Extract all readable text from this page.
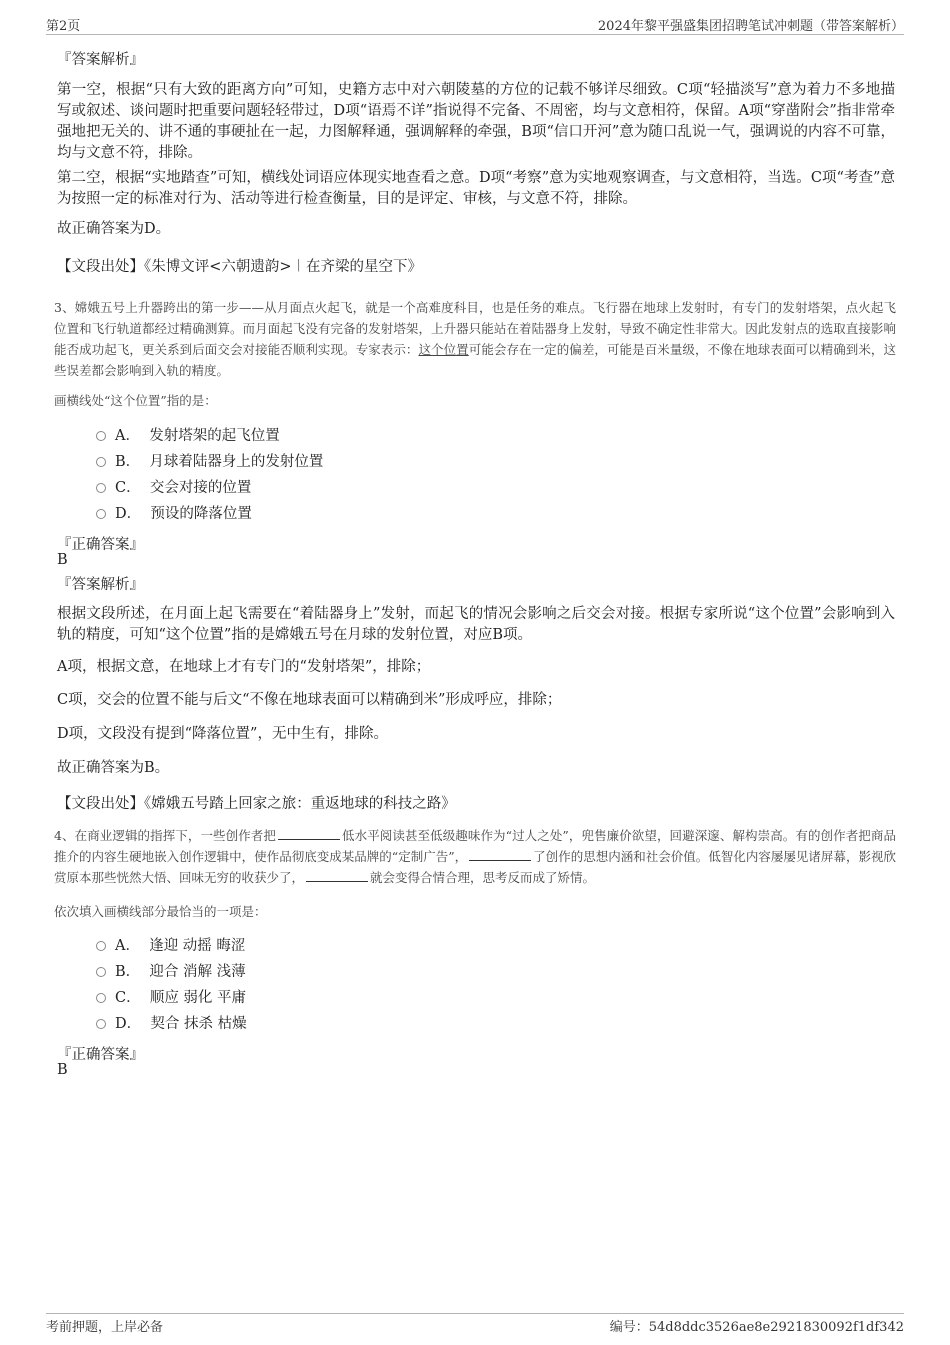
第2页	2024年黎平强盛集团招聘笔试冲刺题（带答案解析）
『答案解析』
第一空，根据“只有大致的距离方向”可知，史籍方志中对六朝陵墓的方位的记载不够详尽细致。C项“轻描淡写”意为着力不多地描写或叙述、谈问题时把重要问题轻轻带过，D项“语焉不详”指说得不完备、不周密，均与文意相符，保留。A项“穿凿附会”指非常牵强地把无关的、讲不通的事硬扯在一起，力图解释通，强调解释的牵强，B项“信口开河”意为随口乱说一气，强调说的内容不可靠，均与文意不符，排除。
第二空，根据“实地踏查”可知，横线处词语应体现实地查看之意。D项“考察”意为实地观察调查，与文意相符，当选。C项“考查”意为按照一定的标准对行为、活动等进行检查衡量，目的是评定、审核，与文意不符，排除。
故正确答案为D。
【文段出处】《朱博文评<六朝遗韵>︱在齐梁的星空下》
3、嫦娥五号上升器跨出的第一步——从月面点火起飞，就是一个高难度科目，也是任务的难点。飞行器在地球上发射时，有专门的发射塔架，点火起飞位置和飞行轨道都经过精确测算。而月面起飞没有完备的发射塔架，上升器只能站在着陆器身上发射，导致不确定性非常大。因此发射点的选取直接影响能否成功起飞，更关系到后面交会对接能否顺利实现。专家表示：这个位置可能会存在一定的偏差，可能是百米量级，不像在地球表面可以精确到米，这些误差都会影响到入轨的精度。
画横线处“这个位置”指的是：
A． 发射塔架的起飞位置
B． 月球着陆器身上的发射位置
C． 交会对接的位置
D． 预设的降落位置
『正确答案』
B
『答案解析』
根据文段所述，在月面上起飞需要在“着陆器身上”发射，而起飞的情况会影响之后交会对接。根据专家所说“这个位置”会影响到入轨的精度，可知“这个位置”指的是嫦娥五号在月球的发射位置，对应B项。
A项，根据文意，在地球上才有专门的“发射塔架”，排除；
C项，交会的位置不能与后文“不像在地球表面可以精确到米”形成呼应，排除；
D项，文段没有提到“降落位置”，无中生有，排除。
故正确答案为B。
【文段出处】《嫦娥五号踏上回家之旅：重返地球的科技之路》
4、在商业逻辑的指挥下，一些创作者把	低水平阅读甚至低级趣味作为“过人之处”，兜售廉价欲望，回避深邃、解构崇高。有的创作者把商品推介的内容生硬地嵌入创作逻辑中，使作品彻底变成某品牌的“定制广告”，	了创作的思想内涵和社会价值。低智化内容屡屡见诸屏幕，影视欣赏原本那些恍然大悟、回味无穷的收获少了，	就会变得合情合理，思考反而成了矫情。
依次填入画横线部分最恰当的一项是：
A． 逢迎 动摇 晦涩
B． 迎合 消解 浅薄
C． 顺应 弱化 平庸
D． 契合 抹杀 枯燥
『正确答案』
B
考前押题，上岸必备	编号：54d8ddc3526ae8e2921830092f1df342
